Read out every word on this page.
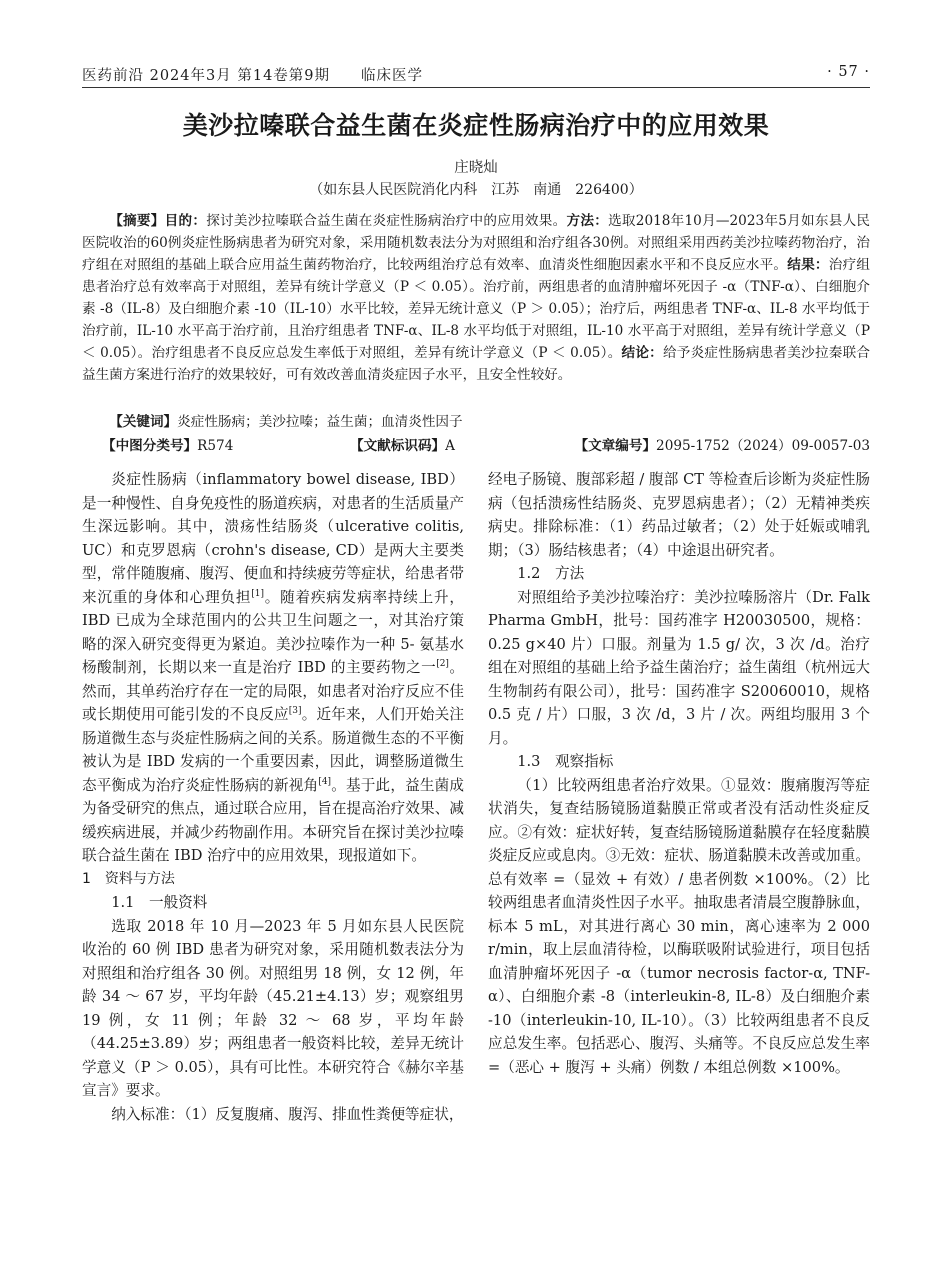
医药前沿 2024年3月 第14卷第9期　　临床医学	· 57 ·
美沙拉嗪联合益生菌在炎症性肠病治疗中的应用效果
庄晓灿
（如东县人民医院消化内科　江苏　南通　226400）
【摘要】目的：探讨美沙拉嗪联合益生菌在炎症性肠病治疗中的应用效果。方法：选取2018年10月—2023年5月如东县人民医院收治的60例炎症性肠病患者为研究对象，采用随机数表法分为对照组和治疗组各30例。对照组采用西药美沙拉嗪药物治疗，治疗组在对照组的基础上联合应用益生菌药物治疗，比较两组治疗总有效率、血清炎性细胞因素水平和不良反应水平。结果：治疗组患者治疗总有效率高于对照组，差异有统计学意义（P ＜ 0.05）。治疗前，两组患者的血清肿瘤坏死因子 -α（TNF-α）、白细胞介素 -8（IL-8）及白细胞介素 -10（IL-10）水平比较，差异无统计意义（P ＞ 0.05）；治疗后，两组患者 TNF-α、IL-8 水平均低于治疗前，IL-10 水平高于治疗前，且治疗组患者 TNF-α、IL-8 水平均低于对照组，IL-10 水平高于对照组，差异有统计学意义（P ＜ 0.05）。治疗组患者不良反应总发生率低于对照组，差异有统计学意义（P ＜ 0.05）。结论：给予炎症性肠病患者美沙拉秦联合益生菌方案进行治疗的效果较好，可有效改善血清炎症因子水平，且安全性较好。
【关键词】炎症性肠病；美沙拉嗪；益生菌；血清炎性因子
【中图分类号】R574	【文献标识码】A	【文章编号】2095-1752（2024）09-0057-03

炎症性肠病（inflammatory bowel disease, IBD）是一种慢性、自身免疫性的肠道疾病，对患者的生活质量产生深远影响。其中，溃疡性结肠炎（ulcerative colitis, UC）和克罗恩病（crohn's disease, CD）是两大主要类型，常伴随腹痛、腹泻、便血和持续疲劳等症状，给患者带来沉重的身体和心理负担[1]。随着疾病发病率持续上升，IBD 已成为全球范围内的公共卫生问题之一，对其治疗策略的深入研究变得更为紧迫。美沙拉嗪作为一种 5- 氨基水杨酸制剂，长期以来一直是治疗 IBD 的主要药物之一[2]。然而，其单药治疗存在一定的局限，如患者对治疗反应不佳或长期使用可能引发的不良反应[3]。近年来，人们开始关注肠道微生态与炎症性肠病之间的关系。肠道微生态的不平衡被认为是 IBD 发病的一个重要因素，因此，调整肠道微生态平衡成为治疗炎症性肠病的新视角[4]。基于此，益生菌成为备受研究的焦点，通过联合应用，旨在提高治疗效果、减缓疾病进展，并减少药物副作用。本研究旨在探讨美沙拉嗪联合益生菌在 IBD 治疗中的应用效果，现报道如下。

1　资料与方法

1.1　一般资料

选取 2018 年 10 月—2023 年 5 月如东县人民医院收治的 60 例 IBD 患者为研究对象，采用随机数表法分为对照组和治疗组各 30 例。对照组男 18 例，女 12 例，年龄 34 ～ 67 岁，平均年龄（45.21±4.13）岁；观察组男 19 例，女 11 例；年龄 32 ～ 68 岁，平均年龄（44.25±3.89）岁；两组患者一般资料比较，差异无统计学意义（P ＞ 0.05），具有可比性。本研究符合《赫尔辛基宣言》要求。

纳入标准：（1）反复腹痛、腹泻、排血性粪便等症状，

经电子肠镜、腹部彩超 / 腹部 CT 等检查后诊断为炎症性肠病（包括溃疡性结肠炎、克罗恩病患者）；（2）无精神类疾病史。排除标准：（1）药品过敏者；（2）处于妊娠或哺乳期；（3）肠结核患者；（4）中途退出研究者。

1.2　方法

对照组给予美沙拉嗪治疗：美沙拉嗪肠溶片（Dr. Falk Pharma GmbH，批号：国药准字 H20030500，规格：0.25 g×40 片）口服。剂量为 1.5 g/ 次，3 次 /d。治疗组在对照组的基础上给予益生菌治疗；益生菌组（杭州远大生物制药有限公司），批号：国药准字 S20060010，规格 0.5 克 / 片）口服，3 次 /d，3 片 / 次。两组均服用 3 个月。

1.3　观察指标

（1）比较两组患者治疗效果。①显效：腹痛腹泻等症状消失，复查结肠镜肠道黏膜正常或者没有活动性炎症反应。②有效：症状好转，复查结肠镜肠道黏膜存在轻度黏膜炎症反应或息肉。③无效：症状、肠道黏膜未改善或加重。总有效率 =（显效 + 有效）/ 患者例数 ×100%。（2）比较两组患者血清炎性因子水平。抽取患者清晨空腹静脉血，标本 5 mL，对其进行离心 30 min，离心速率为 2 000 r/min，取上层血清待检，以酶联吸附试验进行，项目包括血清肿瘤坏死因子 -α（tumor necrosis factor-α, TNF-α）、白细胞介素 -8（interleukin-8, IL-8）及白细胞介素 -10（interleukin-10, IL-10）。（3）比较两组患者不良反应总发生率。包括恶心、腹泻、头痛等。不良反应总发生率 =（恶心 + 腹泻 + 头痛）例数 / 本组总例数 ×100%。
